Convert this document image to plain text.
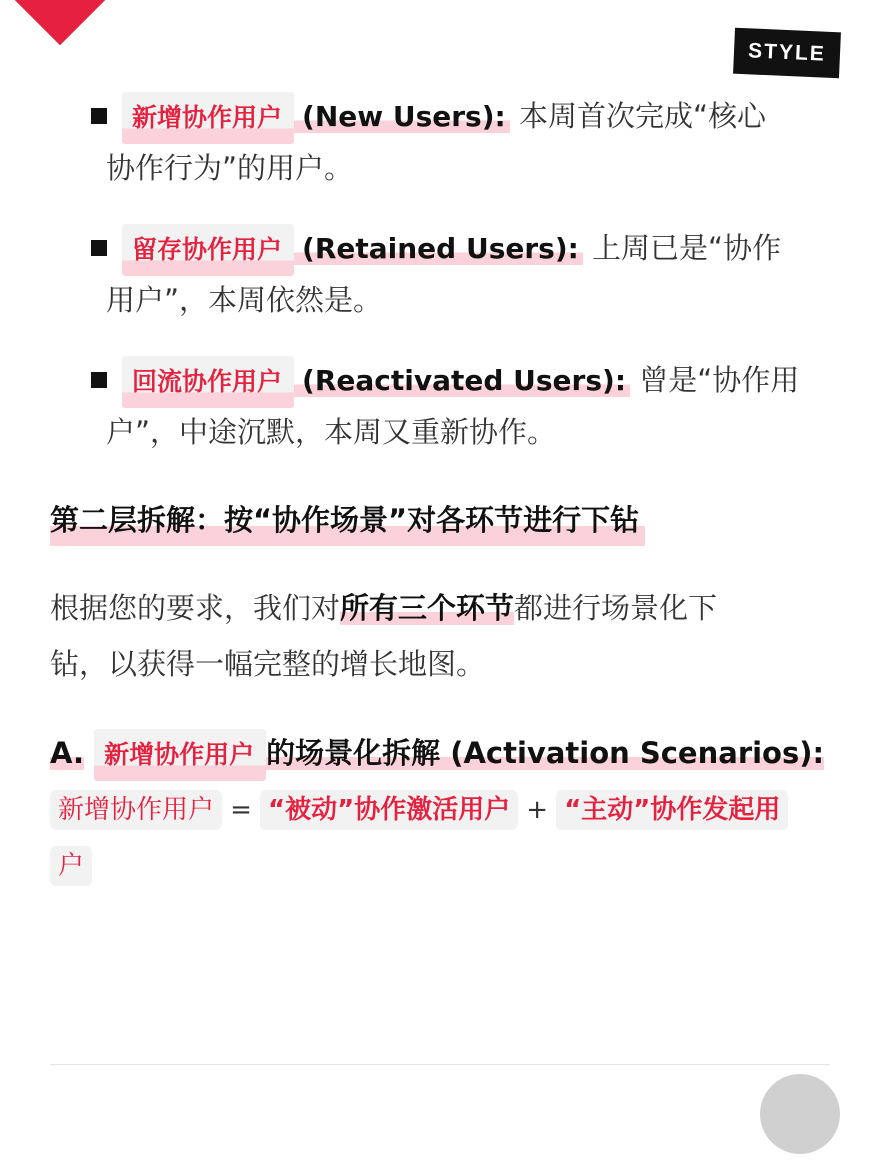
STYLE
新增协作用户 (New Users): 本周首次完成“核心
协作行为”的用户。
留存协作用户 (Retained Users): 上周已是“协作
用户”，本周依然是。
回流协作用户 (Reactivated Users): 曾是“协作用
户”，中途沉默，本周又重新协作。
第二层拆解：按“协作场景”对各环节进行下钻
根据您的要求，我们对所有三个环节都进行场景化下
钻，以获得一幅完整的增长地图。
A. 新增协作用户 的场景化拆解 (Activation Scenarios):
新增协作用户 = “被动”协作激活用户 + “主动”协作发起用
户
